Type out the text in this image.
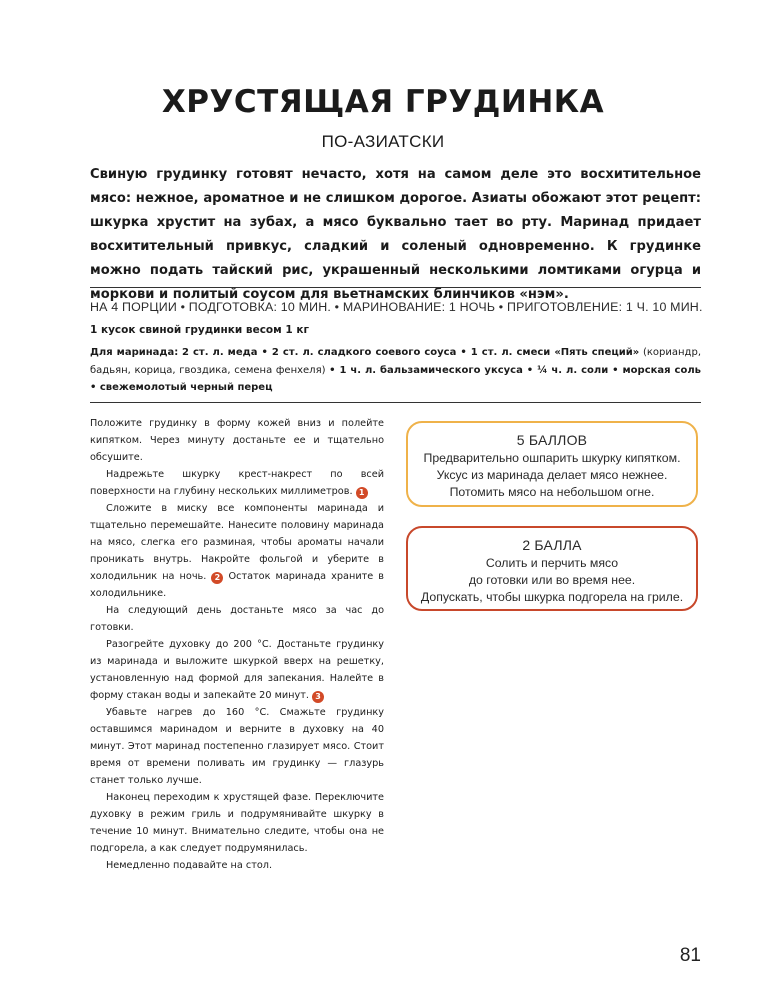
ХРУСТЯЩАЯ ГРУДИНКА
ПО-АЗИАТСКИ
Свиную грудинку готовят нечасто, хотя на самом деле это восхитительное мясо: нежное, ароматное и не слишком дорогое. Азиаты обожают этот рецепт: шкурка хрустит на зубах, а мясо буквально тает во рту. Маринад придает восхитительный привкус, сладкий и соленый одновременно. К грудинке можно подать тайский рис, украшенный несколькими ломтиками огурца и моркови и политый соусом для вьетнамских блинчиков «нэм».
НА 4 ПОРЦИИ • ПОДГОТОВКА: 10 МИН. • МАРИНОВАНИЕ: 1 НОЧЬ • ПРИГОТОВЛЕНИЕ: 1 Ч. 10 МИН.
1 кусок свиной грудинки весом 1 кг
Для маринада: 2 ст. л. меда • 2 ст. л. сладкого соевого соуса • 1 ст. л. смеси «Пять специй» (кориандр, бадьян, корица, гвоздика, семена фенхеля) • 1 ч. л. бальзамического уксуса • ¼ ч. л. соли • морская соль • свежемолотый черный перец

Положите грудинку в форму кожей вниз и полейте кипятком. Через минуту достаньте ее и тщательно обсушите.

Надрежьте шкурку крест-накрест по всей поверхности на глубину нескольких миллиметров. 1

Сложите в миску все компоненты маринада и тщательно перемешайте. Нанесите половину маринада на мясо, слегка его разминая, чтобы ароматы начали проникать внутрь. Накройте фольгой и уберите в холодильник на ночь. 2 Остаток маринада храните в холодильнике.

На следующий день достаньте мясо за час до готовки.

Разогрейте духовку до 200 °C. Достаньте грудинку из маринада и выложите шкуркой вверх на решетку, установленную над формой для запекания. Налейте в форму стакан воды и запекайте 20 минут. 3

Убавьте нагрев до 160 °C. Смажьте грудинку оставшимся маринадом и верните в духовку на 40 минут. Этот маринад постепенно глазирует мясо. Стоит время от времени поливать им грудинку — глазурь станет только лучше.

Наконец переходим к хрустящей фазе. Переключите духовку в режим гриль и подрумянивайте шкурку в течение 10 минут. Внимательно следите, чтобы она не подгорела, а как следует подрумянилась.

Немедленно подавайте на стол.

5 БАЛЛОВ
Предварительно ошпарить шкурку кипятком.
Уксус из маринада делает мясо нежнее.
Потомить мясо на небольшом огне.
2 БАЛЛА
Солить и перчить мясо
до готовки или во время нее.
Допускать, чтобы шкурка подгорела на гриле.
81
